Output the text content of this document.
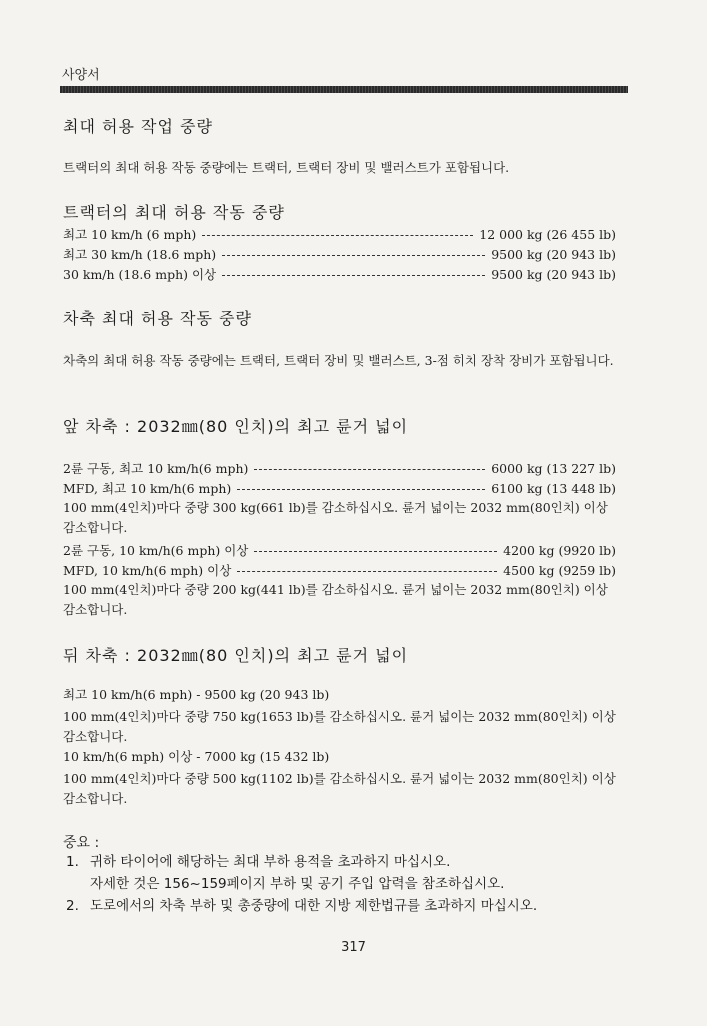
사양서
최대 허용 작업 중량
트랙터의 최대 허용 작동 중량에는 트랙터, 트랙터 장비 및 밸러스트가 포함됩니다.
트랙터의 최대 허용 작동 중량
최고 10 km/h (6 mph)	12 000 kg (26 455 lb)
최고 30 km/h (18.6 mph)	9500 kg (20 943 lb)
30 km/h (18.6 mph) 이상	9500 kg (20 943 lb)
차축 최대 허용 작동 중량
차축의 최대 허용 작동 중량에는 트랙터, 트랙터 장비 및 밸러스트, 3-점 히치 장착 장비가 포함됩니다.
앞 차축 : 2032㎜(80 인치)의 최고 륜거 넓이
2륜 구동, 최고 10 km/h(6 mph)	6000 kg (13 227 lb)
MFD, 최고 10 km/h(6 mph)	6100 kg (13 448 lb)
100 mm(4인치)마다 중량 300 kg(661 lb)를 감소하십시오. 륜거 넓이는 2032 mm(80인치) 이상 감소합니다.
2륜 구동, 10 km/h(6 mph) 이상	4200 kg (9920 lb)
MFD, 10 km/h(6 mph) 이상	4500 kg (9259 lb)
100 mm(4인치)마다 중량 200 kg(441 lb)를 감소하십시오. 륜거 넓이는 2032 mm(80인치) 이상 감소합니다.
뒤 차축 : 2032㎜(80 인치)의 최고 륜거 넓이
최고 10 km/h(6 mph) - 9500 kg (20 943 lb)
100 mm(4인치)마다 중량 750 kg(1653 lb)를 감소하십시오. 륜거 넓이는 2032 mm(80인치) 이상 감소합니다.
10 km/h(6 mph) 이상 - 7000 kg (15 432 lb)
100 mm(4인치)마다 중량 500 kg(1102 lb)를 감소하십시오. 륜거 넓이는 2032 mm(80인치) 이상 감소합니다.
중요 :
1. 귀하 타이어에 해당하는 최대 부하 용적을 초과하지 마십시오.
자세한 것은 156~159페이지 부하 및 공기 주입 압력을 참조하십시오.
2. 도로에서의 차축 부하 및 총중량에 대한 지방 제한법규를 초과하지 마십시오.
317
